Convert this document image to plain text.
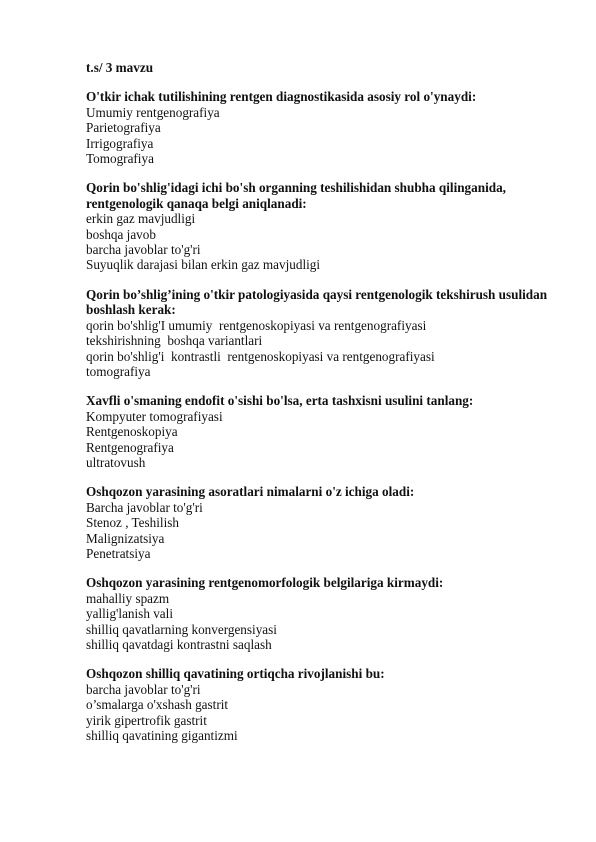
t.s/ 3 mavzu

O'tkir ichak tutilishining rentgen diagnostikasida asosiy rol o'ynaydi:

Umumiy rentgenografiya
Parietografiya
Irrigografiya
Tomografiya

Qorin bo'shlig'idagi ichi bo'sh organning teshilishidan shubha qilinganida, rentgenologik qanaqa belgi aniqlanadi:

erkin gaz mavjudligi
boshqa javob
barcha javoblar to'g'ri
Suyuqlik darajasi bilan erkin gaz mavjudligi

Qorin bo’shlig’ining o'tkir patologiyasida qaysi rentgenologik tekshirush usulidan boshlash kerak:

qorin bo'shlig'I umumiy  rentgenoskopiyasi va rentgenografiyasi
tekshirishning  boshqa variantlari
qorin bo'shlig'i  kontrastli  rentgenoskopiyasi va rentgenografiyasi
tomografiya

Xavfli o'smaning endofit o'sishi bo'lsa, erta tashxisni usulini tanlang:

Kompyuter tomografiyasi
Rentgenoskopiya
Rentgenografiya
ultratovush

Oshqozon yarasining asoratlari nimalarni o'z ichiga oladi:

Barcha javoblar to'g'ri
Stenoz , Teshilish
Malignizatsiya
Penetratsiya

Oshqozon yarasining rentgenomorfologik belgilariga kirmaydi:

mahalliy spazm
yallig'lanish vali
shilliq qavatlarning konvergensiyasi
shilliq qavatdagi kontrastni saqlash

Oshqozon shilliq qavatining ortiqcha rivojlanishi bu:

barcha javoblar to'g'ri
o’smalarga o'xshash gastrit
yirik gipertrofik gastrit
shilliq qavatining gigantizmi
